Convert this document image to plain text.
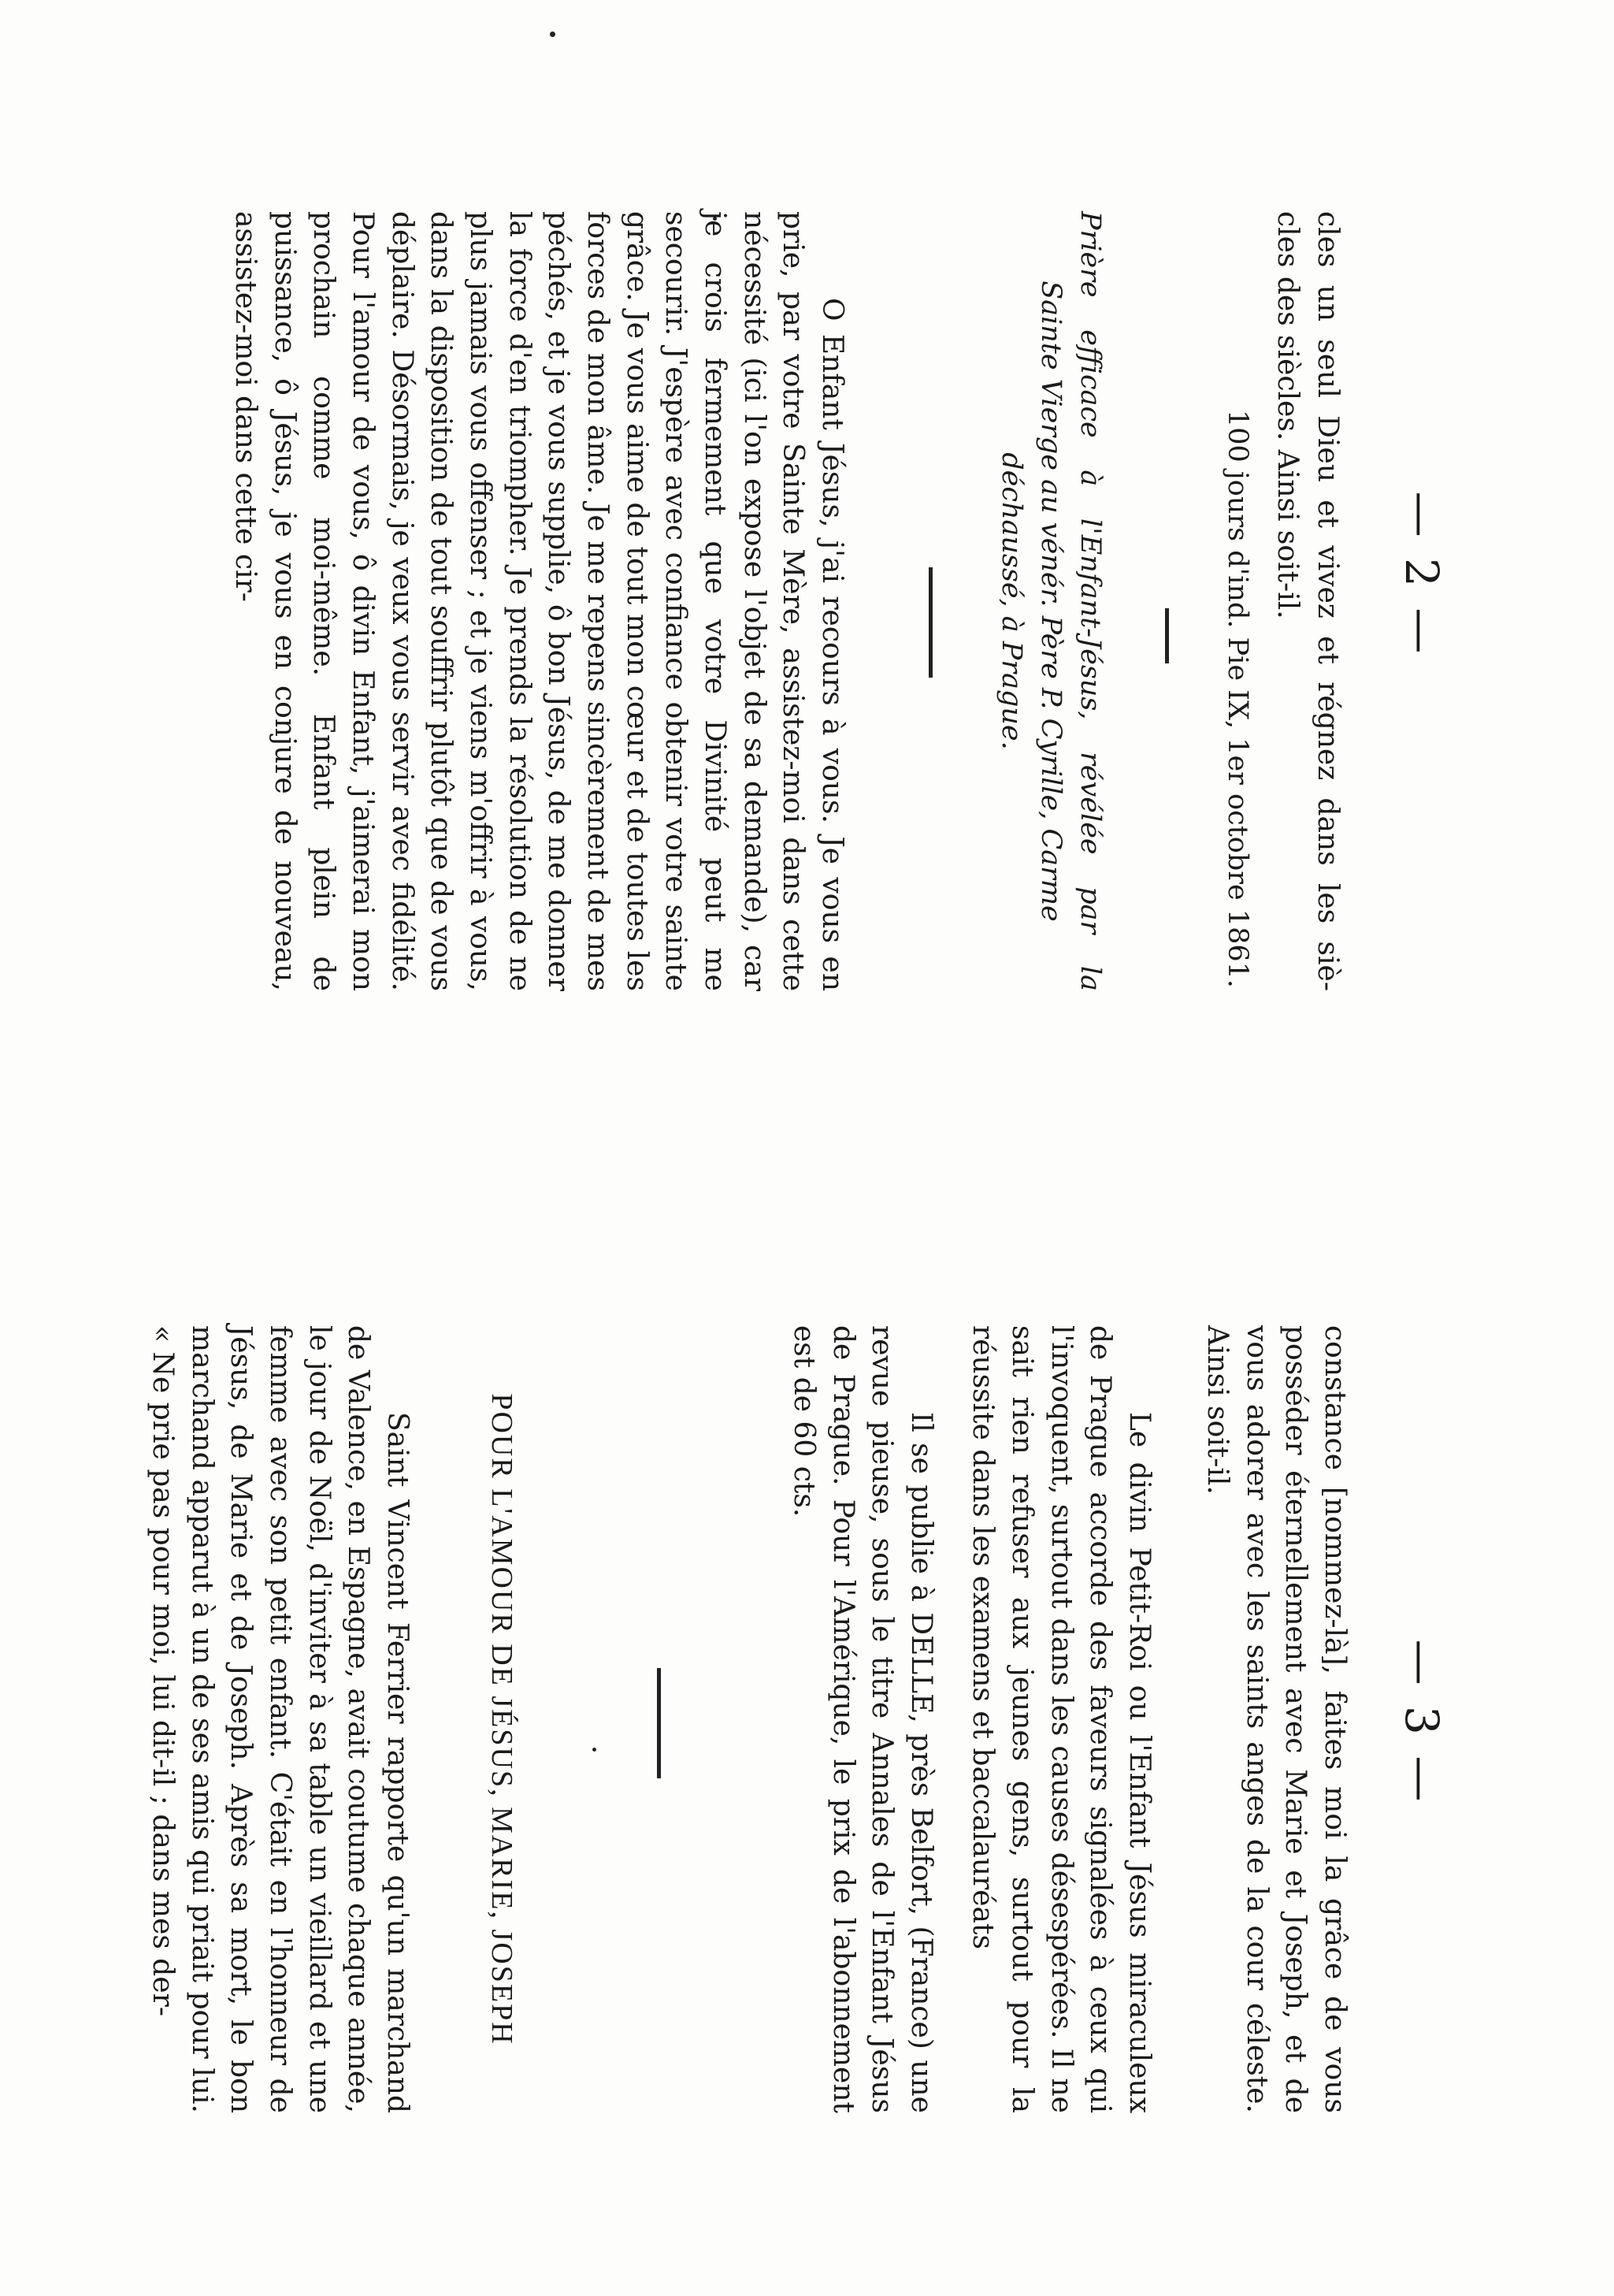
— 2 —
cles un seul Dieu et vivez et régnez dans les siè-
cles des siècles. Ainsi soit-il.
100 jours d'ind. Pie IX, 1er octobre 1861.
Prière efficace à l'Enfant-Jésus, révélée par la
Sainte Vierge au vénér. Père P. Cyrille, Carme
déchaussé, à Prague.
O Enfant Jésus, j'ai recours à vous. Je vous en prie, par votre Sainte Mère, assistez-moi dans cette nécessité (ici l'on expose l'objet de sa demande), car je crois fermement que votre Divinité peut me secourir. J'espère avec confiance obtenir votre sainte grâce. Je vous aime de tout mon cœur et de toutes les forces de mon âme. Je me repens sincèrement de mes péchés, et je vous supplie, ô bon Jésus, de me donner la force d'en triompher. Je prends la résolution de ne plus jamais vous offenser ; et je viens m'offrir à vous, dans la disposition de tout souffrir plutôt que de vous déplaire. Désormais, je veux vous servir avec fidélité. Pour l'amour de vous, ô divin Enfant, j'aimerai mon prochain comme moi-même. Enfant plein de puissance, ô Jésus, je vous en conjure de nouveau, assistez-moi dans cette cir-
— 3 —
constance [nommez-là], faites moi la grâce de vous posséder éternellement avec Marie et Joseph, et de vous adorer avec les saints anges de la cour céleste. Ainsi soit-il.
Le divin Petit-Roi ou l'Enfant Jésus miraculeux de Prague accorde des faveurs signalées à ceux qui l'invoquent, surtout dans les causes désespérées. Il ne sait rien refuser aux jeunes gens, surtout pour la réussite dans les examens et baccalauréats
Il se publie à DELLE, près Belfort, (France) une revue pieuse, sous le titre Annales de l'Enfant Jésus de Prague. Pour l'Amérique, le prix de l'abonnement est de 60 cts.
POUR L'AMOUR DE JÉSUS, MARIE, JOSEPH
Saint Vincent Ferrier rapporte qu'un marchand de Valence, en Espagne, avait coutume chaque année, le jour de Noël, d'inviter à sa table un vieillard et une femme avec son petit enfant. C'était en l'honneur de Jésus, de Marie et de Joseph. Après sa mort, le bon marchand apparut à un de ses amis qui priait pour lui. « Ne prie pas pour moi, lui dit-il ; dans mes der-
